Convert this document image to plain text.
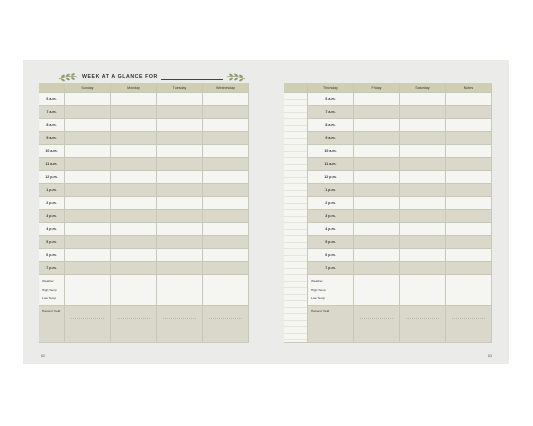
WEEK AT A GLANCE FOR
Sunday	Monday	Tuesday	Wednesday
6 a.m.
7 a.m.
8 a.m.
9 a.m.
10 a.m.
11 a.m.
12 p.m.
1 p.m.
2 p.m.
3 p.m.
4 p.m.
5 p.m.
6 p.m.
7 p.m.
Weather
High Temp
Low Temp
Harvest Yield
Thursday	Friday	Saturday	Notes
6 a.m.
7 a.m.
8 a.m.
9 a.m.
10 a.m.
11 a.m.
12 p.m.
1 p.m.
2 p.m.
3 p.m.
4 p.m.
5 p.m.
6 p.m.
7 p.m.
Weather
High Temp
Low Temp
Harvest Yield
62	63
